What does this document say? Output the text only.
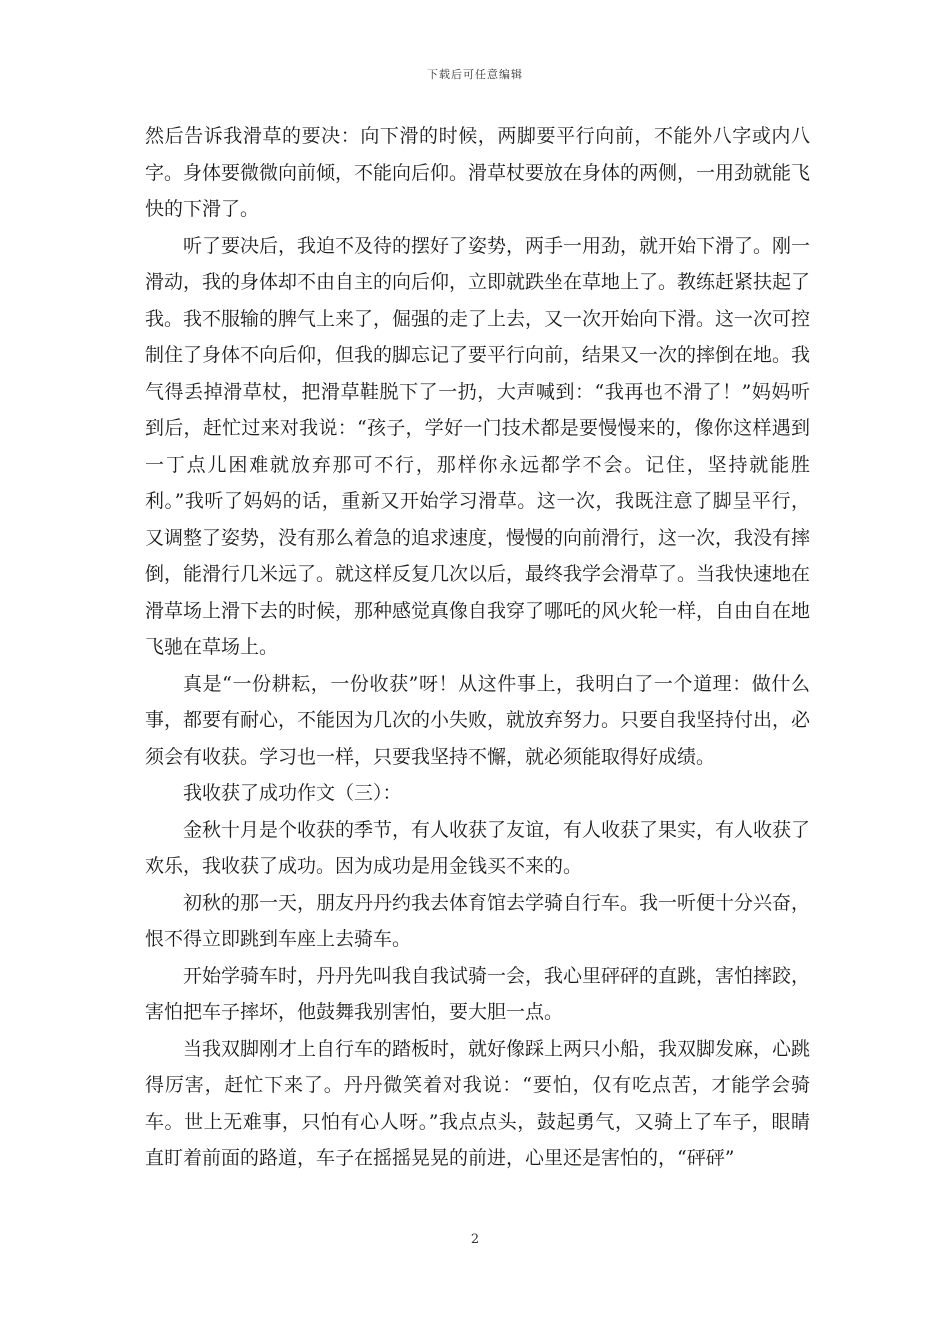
下载后可任意编辑

然后告诉我滑草的要决：向下滑的时候，两脚要平行向前，不能外八字或内八字。身体要微微向前倾，不能向后仰。滑草杖要放在身体的两侧，一用劲就能飞快的下滑了。

听了要决后，我迫不及待的摆好了姿势，两手一用劲，就开始下滑了。刚一滑动，我的身体却不由自主的向后仰，立即就跌坐在草地上了。教练赶紧扶起了我。我不服输的脾气上来了，倔强的走了上去，又一次开始向下滑。这一次可控制住了身体不向后仰，但我的脚忘记了要平行向前，结果又一次的摔倒在地。我气得丢掉滑草杖，把滑草鞋脱下了一扔，大声喊到：“我再也不滑了！”妈妈听到后，赶忙过来对我说：“孩子，学好一门技术都是要慢慢来的，像你这样遇到一丁点儿困难就放弃那可不行，那样你永远都学不会。记住，坚持就能胜利。”我听了妈妈的话，重新又开始学习滑草。这一次，我既注意了脚呈平行，又调整了姿势，没有那么着急的追求速度，慢慢的向前滑行，这一次，我没有摔倒，能滑行几米远了。就这样反复几次以后，最终我学会滑草了。当我快速地在滑草场上滑下去的时候，那种感觉真像自我穿了哪吒的风火轮一样，自由自在地飞驰在草场上。

真是“一份耕耘，一份收获”呀！从这件事上，我明白了一个道理：做什么事，都要有耐心，不能因为几次的小失败，就放弃努力。只要自我坚持付出，必须会有收获。学习也一样，只要我坚持不懈，就必须能取得好成绩。

我收获了成功作文（三）：

金秋十月是个收获的季节，有人收获了友谊，有人收获了果实，有人收获了欢乐，我收获了成功。因为成功是用金钱买不来的。

初秋的那一天，朋友丹丹约我去体育馆去学骑自行车。我一听便十分兴奋，恨不得立即跳到车座上去骑车。

开始学骑车时，丹丹先叫我自我试骑一会，我心里砰砰的直跳，害怕摔跤，害怕把车子摔坏，他鼓舞我别害怕，要大胆一点。

当我双脚刚才上自行车的踏板时，就好像踩上两只小船，我双脚发麻，心跳得厉害，赶忙下来了。丹丹微笑着对我说：“要怕，仅有吃点苦，才能学会骑车。世上无难事，只怕有心人呀。”我点点头，鼓起勇气，又骑上了车子，眼睛直盯着前面的路道，车子在摇摇晃晃的前进，心里还是害怕的，“砰砰”

2
